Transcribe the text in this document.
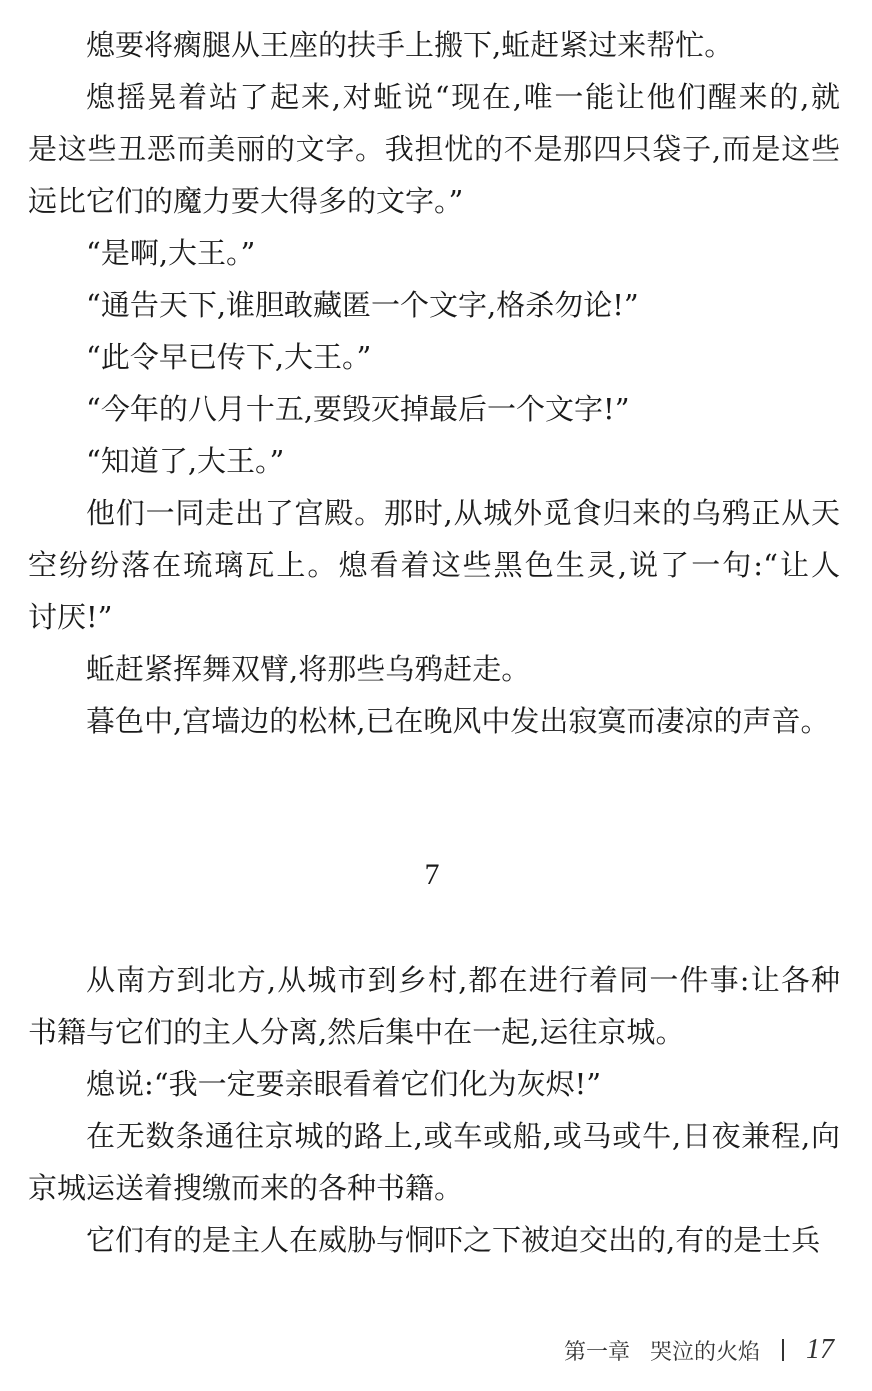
熄要将瘸腿从王座的扶手上搬下,蚯赶紧过来帮忙。
熄摇晃着站了起来,对蚯说“现在,唯一能让他们醒来的,就
是这些丑恶而美丽的文字。我担忧的不是那四只袋子,而是这些
远比它们的魔力要大得多的文字。”
“是啊,大王。”
“通告天下,谁胆敢藏匿一个文字,格杀勿论!”
“此令早已传下,大王。”
“今年的八月十五,要毁灭掉最后一个文字!”
“知道了,大王。”
他们一同走出了宫殿。那时,从城外觅食归来的乌鸦正从天
空纷纷落在琉璃瓦上。熄看着这些黑色生灵,说了一句:“让人
讨厌!”
蚯赶紧挥舞双臂,将那些乌鸦赶走。
暮色中,宫墙边的松林,已在晚风中发出寂寞而凄凉的声音。
7
从南方到北方,从城市到乡村,都在进行着同一件事:让各种
书籍与它们的主人分离,然后集中在一起,运往京城。
熄说:“我一定要亲眼看着它们化为灰烬!”
在无数条通往京城的路上,或车或船,或马或牛,日夜兼程,向
京城运送着搜缴而来的各种书籍。
它们有的是主人在威胁与恫吓之下被迫交出的,有的是士兵
第一章 哭泣的火焰 17
